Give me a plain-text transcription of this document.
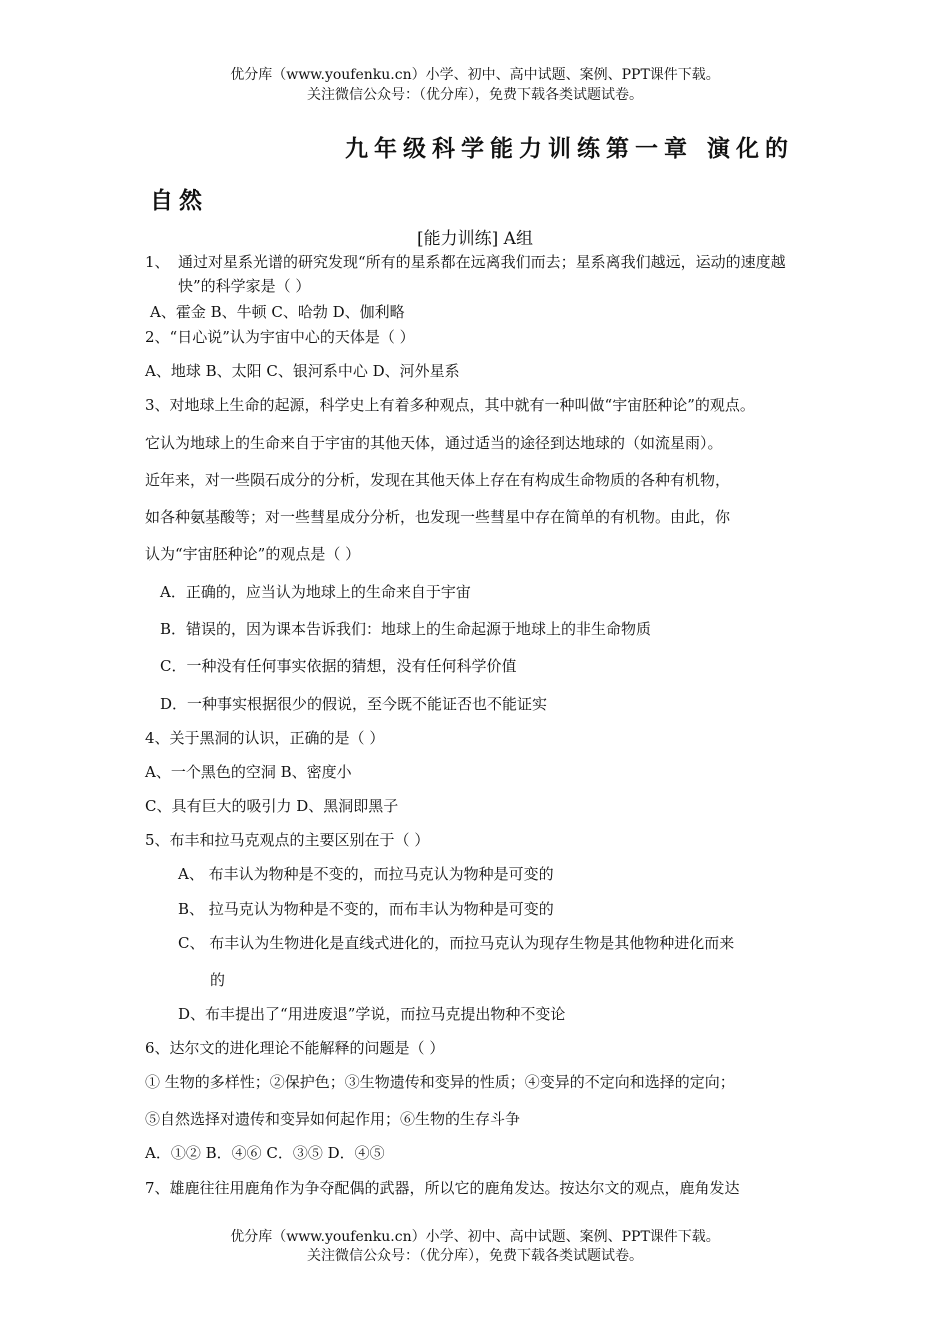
优分库（www.youfenku.cn）小学、初中、高中试题、案例、PPT课件下载。
关注微信公众号：（优分库），免费下载各类试题试卷。
九年级科学能力训练第一章 演化的
自然
[能力训练] A组
1、 通过对星系光谱的研究发现“所有的星系都在远离我们而去；星系离我们越远，运动的速度越快”的科学家是（ ）
A、霍金 B、牛顿 C、哈勃 D、伽利略
2、“日心说”认为宇宙中心的天体是（ ）
A、地球 B、太阳 C、银河系中心 D、河外星系
3、对地球上生命的起源，科学史上有着多种观点，其中就有一种叫做“宇宙胚种论”的观点。
它认为地球上的生命来自于宇宙的其他天体，通过适当的途径到达地球的（如流星雨）。
近年来，对一些陨石成分的分析，发现在其他天体上存在有构成生命物质的各种有机物，
如各种氨基酸等；对一些彗星成分分析，也发现一些彗星中存在简单的有机物。由此，你
认为“宇宙胚种论”的观点是（ ）
A．正确的，应当认为地球上的生命来自于宇宙
B．错误的，因为课本告诉我们：地球上的生命起源于地球上的非生命物质
C．一种没有任何事实依据的猜想，没有任何科学价值
D．一种事实根据很少的假说，至今既不能证否也不能证实
4、关于黑洞的认识，正确的是（ ）
A、一个黑色的空洞 B、密度小
C、具有巨大的吸引力 D、黑洞即黑子
5、布丰和拉马克观点的主要区别在于（ ）
A、 布丰认为物种是不变的，而拉马克认为物种是可变的
B、 拉马克认为物种是不变的，而布丰认为物种是可变的
C、 布丰认为生物进化是直线式进化的，而拉马克认为现存生物是其他物种进化而来
的
D、布丰提出了“用进废退”学说，而拉马克提出物种不变论
6、达尔文的进化理论不能解释的问题是（ ）
① 生物的多样性；②保护色；③生物遗传和变异的性质；④变异的不定向和选择的定向；
⑤自然选择对遗传和变异如何起作用；⑥生物的生存斗争
A．①② B．④⑥ C．③⑤ D．④⑤
7、雄鹿往往用鹿角作为争夺配偶的武器，所以它的鹿角发达。按达尔文的观点，鹿角发达
优分库（www.youfenku.cn）小学、初中、高中试题、案例、PPT课件下载。
关注微信公众号：（优分库），免费下载各类试题试卷。
